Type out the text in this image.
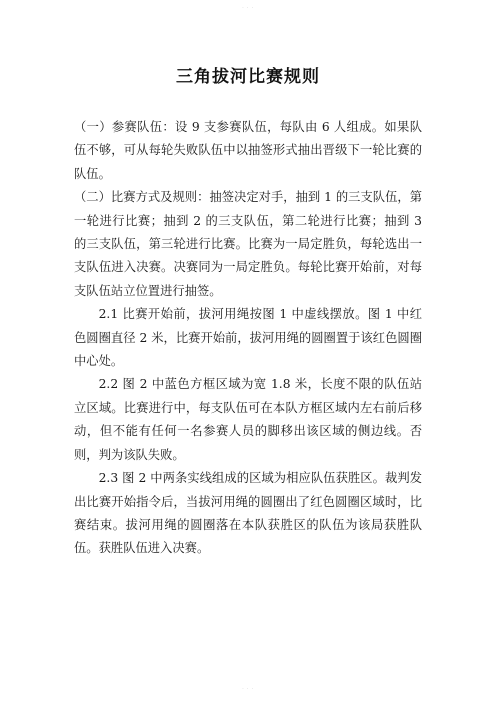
· · ·
三角拔河比赛规则

（一）参赛队伍：设 9 支参赛队伍，每队由 6 人组成。如果队伍不够，可从每轮失败队伍中以抽签形式抽出晋级下一轮比赛的队伍。

（二）比赛方式及规则：抽签决定对手，抽到 1 的三支队伍，第一轮进行比赛；抽到 2 的三支队伍，第二轮进行比赛；抽到 3 的三支队伍，第三轮进行比赛。比赛为一局定胜负，每轮选出一支队伍进入决赛。决赛同为一局定胜负。每轮比赛开始前，对每支队伍站立位置进行抽签。

2.1 比赛开始前，拔河用绳按图 1 中虚线摆放。图 1 中红色圆圈直径 2 米，比赛开始前，拔河用绳的圆圈置于该红色圆圈中心处。

2.2 图 2 中蓝色方框区域为宽 1.8 米，长度不限的队伍站立区域。比赛进行中，每支队伍可在本队方框区域内左右前后移动，但不能有任何一名参赛人员的脚移出该区域的侧边线。否则，判为该队失败。

2.3 图 2 中两条实线组成的区域为相应队伍获胜区。裁判发出比赛开始指令后，当拔河用绳的圆圈出了红色圆圈区域时，比赛结束。拔河用绳的圆圈落在本队获胜区的队伍为该局获胜队伍。获胜队伍进入决赛。

· · ·
